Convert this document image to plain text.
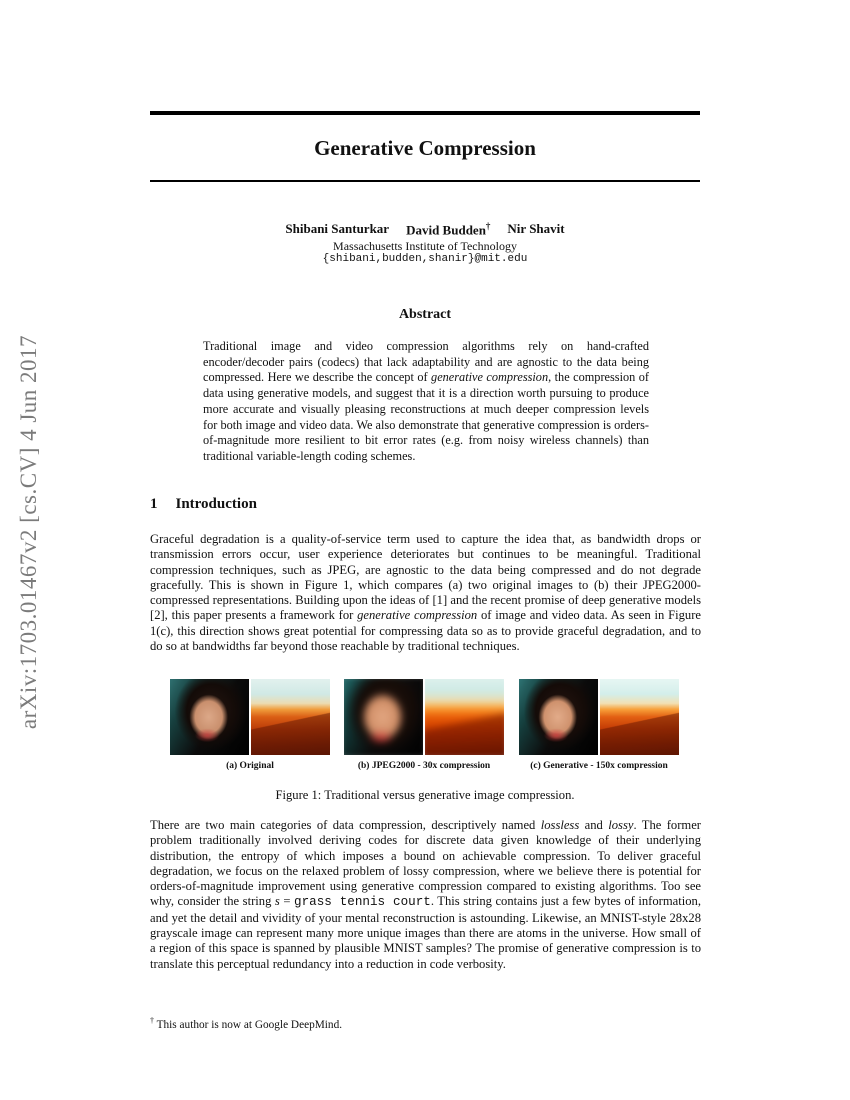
arXiv:1703.01467v2 [cs.CV] 4 Jun 2017
Generative Compression
Shibani Santurkar David Budden† Nir Shavit
Massachusetts Institute of Technology
{shibani,budden,shanir}@mit.edu
Abstract

Traditional image and video compression algorithms rely on hand-crafted encoder/decoder pairs (codecs) that lack adaptability and are agnostic to the data being compressed. Here we describe the concept of generative compression, the compression of data using generative models, and suggest that it is a direction worth pursuing to produce more accurate and visually pleasing reconstructions at much deeper compression levels for both image and video data. We also demonstrate that generative compression is orders-of-magnitude more resilient to bit error rates (e.g. from noisy wireless channels) than traditional variable-length coding schemes.

1 Introduction

Graceful degradation is a quality-of-service term used to capture the idea that, as bandwidth drops or transmission errors occur, user experience deteriorates but continues to be meaningful. Traditional compression techniques, such as JPEG, are agnostic to the data being compressed and do not degrade gracefully. This is shown in Figure 1, which compares (a) two original images to (b) their JPEG2000-compressed representations. Building upon the ideas of [1] and the recent promise of deep generative models [2], this paper presents a framework for generative compression of image and video data. As seen in Figure 1(c), this direction shows great potential for compressing data so as to provide graceful degradation, and to do so at bandwidths far beyond those reachable by traditional techniques.

(a) Original	(b) JPEG2000 - 30x compression	(c) Generative - 150x compression
Figure 1: Traditional versus generative image compression.

There are two main categories of data compression, descriptively named lossless and lossy. The former problem traditionally involved deriving codes for discrete data given knowledge of their underlying distribution, the entropy of which imposes a bound on achievable compression. To deliver graceful degradation, we focus on the relaxed problem of lossy compression, where we believe there is potential for orders-of-magnitude improvement using generative compression compared to existing algorithms. Too see why, consider the string s = grass tennis court. This string contains just a few bytes of information, and yet the detail and vividity of your mental reconstruction is astounding. Likewise, an MNIST-style 28x28 grayscale image can represent many more unique images than there are atoms in the universe. How small of a region of this space is spanned by plausible MNIST samples? The promise of generative compression is to translate this perceptual redundancy into a reduction in code verbosity.

† This author is now at Google DeepMind.
